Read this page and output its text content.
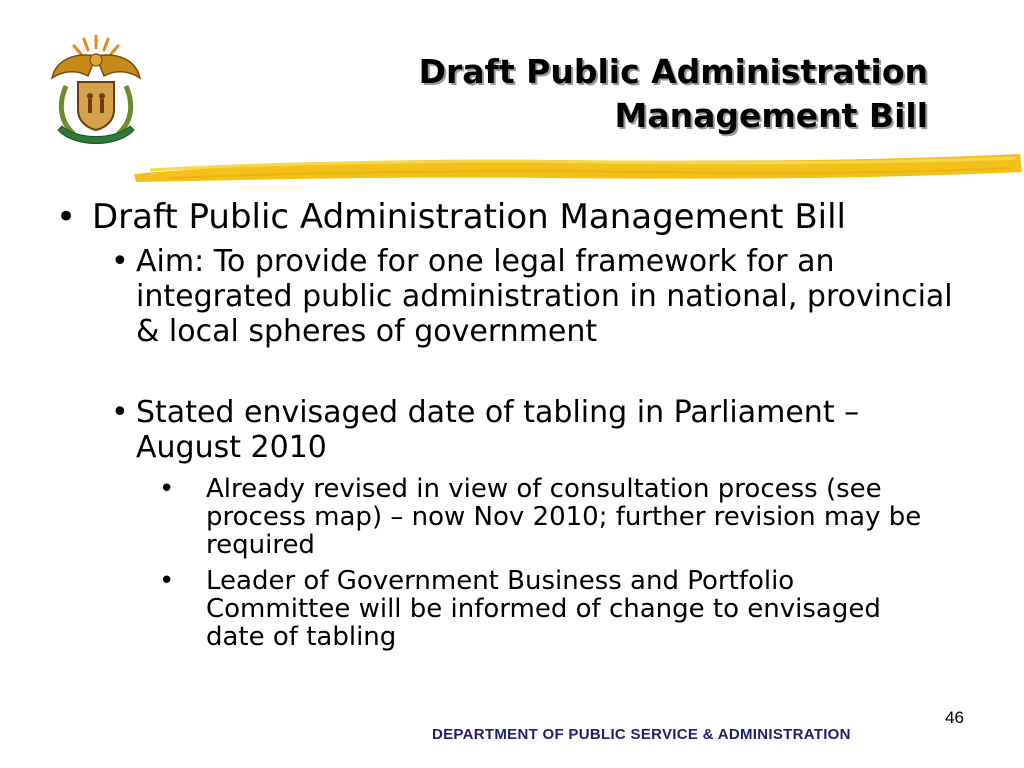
Draft Public Administration
Management Bill
• Draft Public Administration Management Bill
• Aim: To provide for one legal framework for an integrated public administration in national, provincial & local spheres of government
• Stated envisaged date of tabling in Parliament – August 2010
• Already revised in view of consultation process (see process map) – now Nov 2010; further revision may be required
• Leader of Government Business and Portfolio Committee will be informed of change to envisaged date of tabling
46
DEPARTMENT OF PUBLIC SERVICE & ADMINISTRATION
